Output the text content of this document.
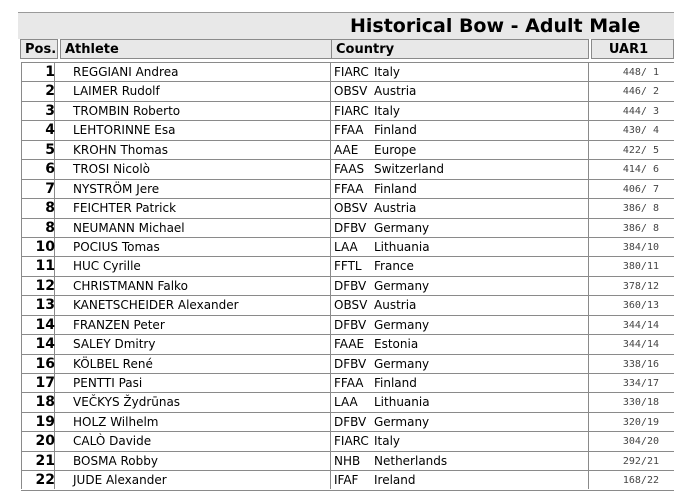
Historical Bow - Adult Male
Pos. Athlete	Country	UAR1
1 REGGIANI Andrea	FIARC Italy	448/ 1
2 LAIMER Rudolf	OBSV Austria	446/ 2
3 TROMBIN Roberto	FIARC Italy	444/ 3
4 LEHTORINNE Esa	FFAA Finland	430/ 4
5 KROHN Thomas	AAE Europe	422/ 5
6 TROSI Nicolò	FAAS Switzerland	414/ 6
7 NYSTRÖM Jere	FFAA Finland	406/ 7
8 FEICHTER Patrick	OBSV Austria	386/ 8
8 NEUMANN Michael	DFBV Germany	386/ 8
10 POCIUS Tomas	LAA Lithuania	384/10
11 HUC Cyrille	FFTL France	380/11
12 CHRISTMANN Falko	DFBV Germany	378/12
13 KANETSCHEIDER Alexander	OBSV Austria	360/13
14 FRANZEN Peter	DFBV Germany	344/14
14 SALEY Dmitry	FAAE Estonia	344/14
16 KÖLBEL René	DFBV Germany	338/16
17 PENTTI Pasi	FFAA Finland	334/17
18 VEČKYS Žydrūnas	LAA Lithuania	330/18
19 HOLZ Wilhelm	DFBV Germany	320/19
20 CALÒ Davide	FIARC Italy	304/20
21 BOSMA Robby	NHB Netherlands	292/21
22 JUDE Alexander	IFAF Ireland	168/22
